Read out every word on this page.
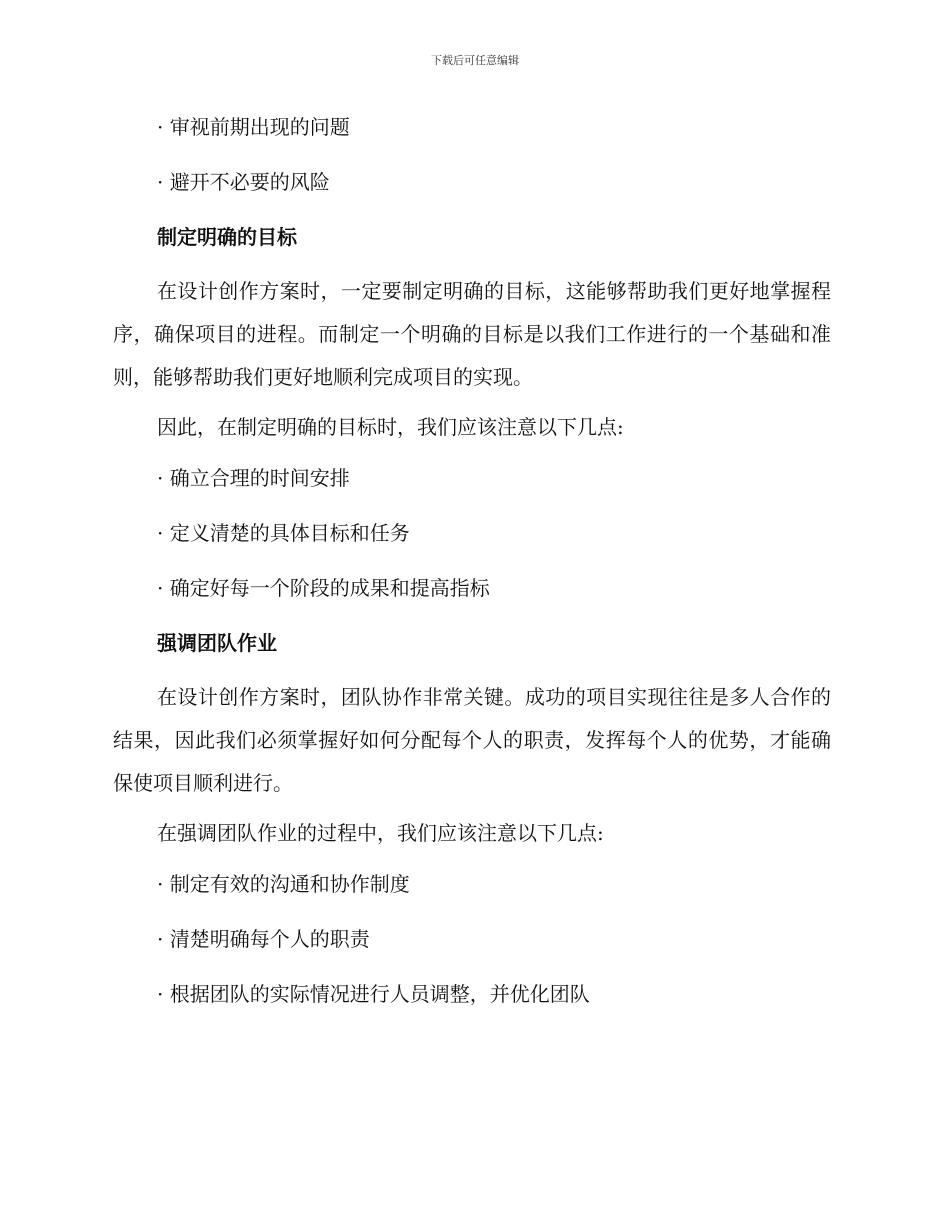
下载后可任意编辑
· 审视前期出现的问题
· 避开不必要的风险
制定明确的目标
在设计创作方案时，一定要制定明确的目标，这能够帮助我们更好地掌握程序，确保项目的进程。而制定一个明确的目标是以我们工作进行的一个基础和准则，能够帮助我们更好地顺利完成项目的实现。
因此，在制定明确的目标时，我们应该注意以下几点:
· 确立合理的时间安排
· 定义清楚的具体目标和任务
· 确定好每一个阶段的成果和提高指标
强调团队作业
在设计创作方案时，团队协作非常关键。成功的项目实现往往是多人合作的结果，因此我们必须掌握好如何分配每个人的职责，发挥每个人的优势，才能确保使项目顺利进行。
在强调团队作业的过程中，我们应该注意以下几点:
· 制定有效的沟通和协作制度
· 清楚明确每个人的职责
· 根据团队的实际情况进行人员调整，并优化团队
